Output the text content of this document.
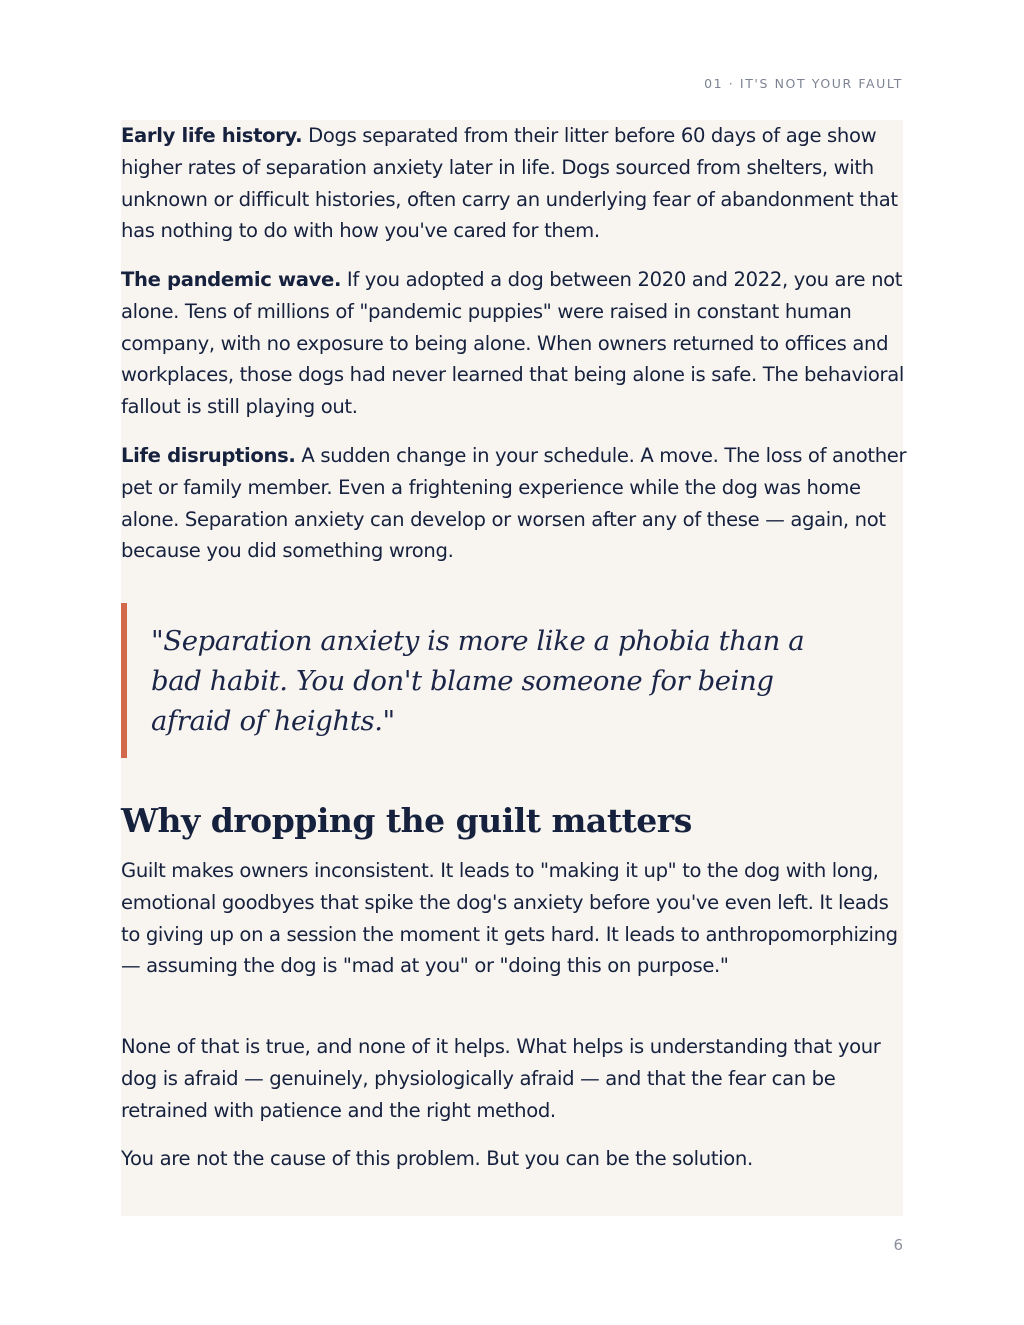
01 · IT'S NOT YOUR FAULT

Early life history. Dogs separated from their litter before 60 days of age show higher rates of separation anxiety later in life. Dogs sourced from shelters, with unknown or difficult histories, often carry an underlying fear of abandonment that has nothing to do with how you've cared for them.

The pandemic wave. If you adopted a dog between 2020 and 2022, you are not alone. Tens of millions of "pandemic puppies" were raised in constant human company, with no exposure to being alone. When owners returned to offices and workplaces, those dogs had never learned that being alone is safe. The behavioral fallout is still playing out.

Life disruptions. A sudden change in your schedule. A move. The loss of another pet or family member. Even a frightening experience while the dog was home alone. Separation anxiety can develop or worsen after any of these — again, not because you did something wrong.

"Separation anxiety is more like a phobia than a bad habit. You don't blame someone for being afraid of heights."

Why dropping the guilt matters

Guilt makes owners inconsistent. It leads to "making it up" to the dog with long, emotional goodbyes that spike the dog's anxiety before you've even left. It leads to giving up on a session the moment it gets hard. It leads to anthropomorphizing — assuming the dog is "mad at you" or "doing this on purpose."

None of that is true, and none of it helps. What helps is understanding that your dog is afraid — genuinely, physiologically afraid — and that the fear can be retrained with patience and the right method.

You are not the cause of this problem. But you can be the solution.

6
